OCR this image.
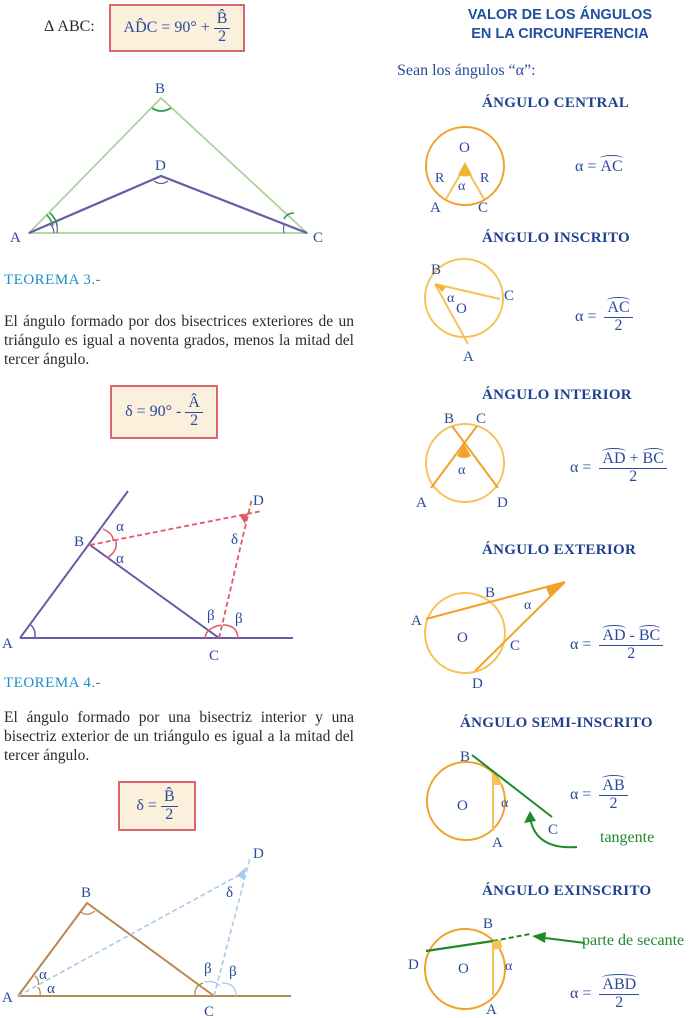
Δ ABC: AD̂C = $90^\circ + \frac{B̂}{2}$
B
D
A	C
TEOREMA 3.-
El ángulo formado por dos bisectrices exteriores de un triángulo es igual a noventa grados, menos la mitad del tercer ángulo.
$\delta = 90^\circ - \frac{Â}{2}$
α
α
B
D
δ
β β
A
C
TEOREMA 4.-
El ángulo formado por una bisectriz interior y una bisectriz exterior de un triángulo es igual a la mitad del tercer ángulo.
$\delta = \frac{B̂}{2}$
B
D
δ
α
α
β β
A
C
VALOR DE LOS ÁNGULOS
EN LA CIRCUNFERENCIA
Sean los ángulos “α”:
ÁNGULO CENTRAL
O
R	R
α
A C
α =
AC
ÁNGULO INSCRITO
B
C
α
O
A
α =
$\frac{AC}{2}$
ÁNGULO INTERIOR
B C
α
A	D
α =
$\frac{AD + BC}{2}$
ÁNGULO EXTERIOR
A
B
α
O	C
D
α =
$\frac{AD - BC}{2}$
ÁNGULO SEMI-INSCRITO
B
O α
C
A
α =
$\frac{AB}{2}$
tangente
ÁNGULO EXINSCRITO
B
D	O	α
A
parte de secante
α =
$\frac{\text{ABD}}{2}$
